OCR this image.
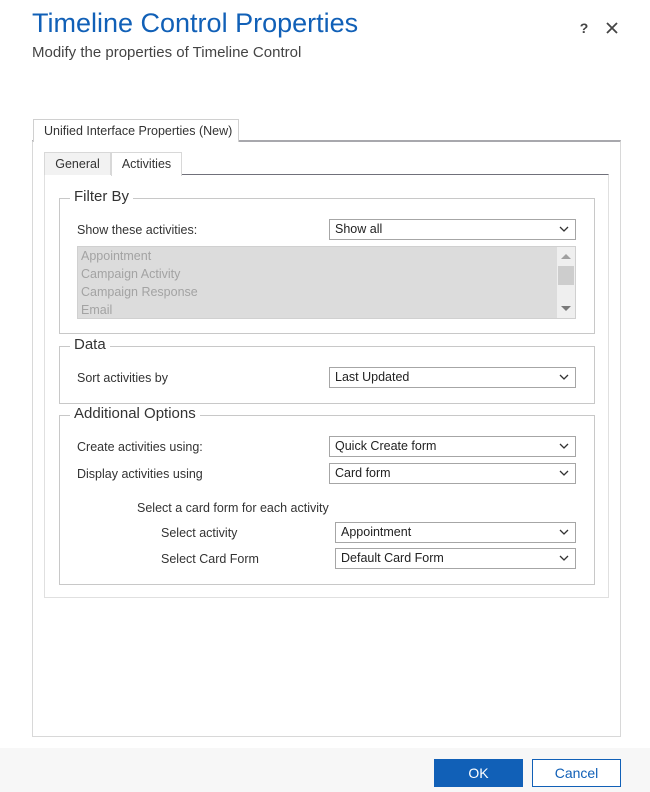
Timeline Control Properties
Modify the properties of Timeline Control
?
Unified Interface Properties (New)
General	Activities
Filter By
Show these activities:	Show all
Appointment
Campaign Activity
Campaign Response
Email
Data
Sort activities by	Last Updated
Additional Options
Create activities using:	Quick Create form
Display activities using	Card form
Select a card form for each activity
Select activity	Appointment
Select Card Form	Default Card Form
OK	Cancel
